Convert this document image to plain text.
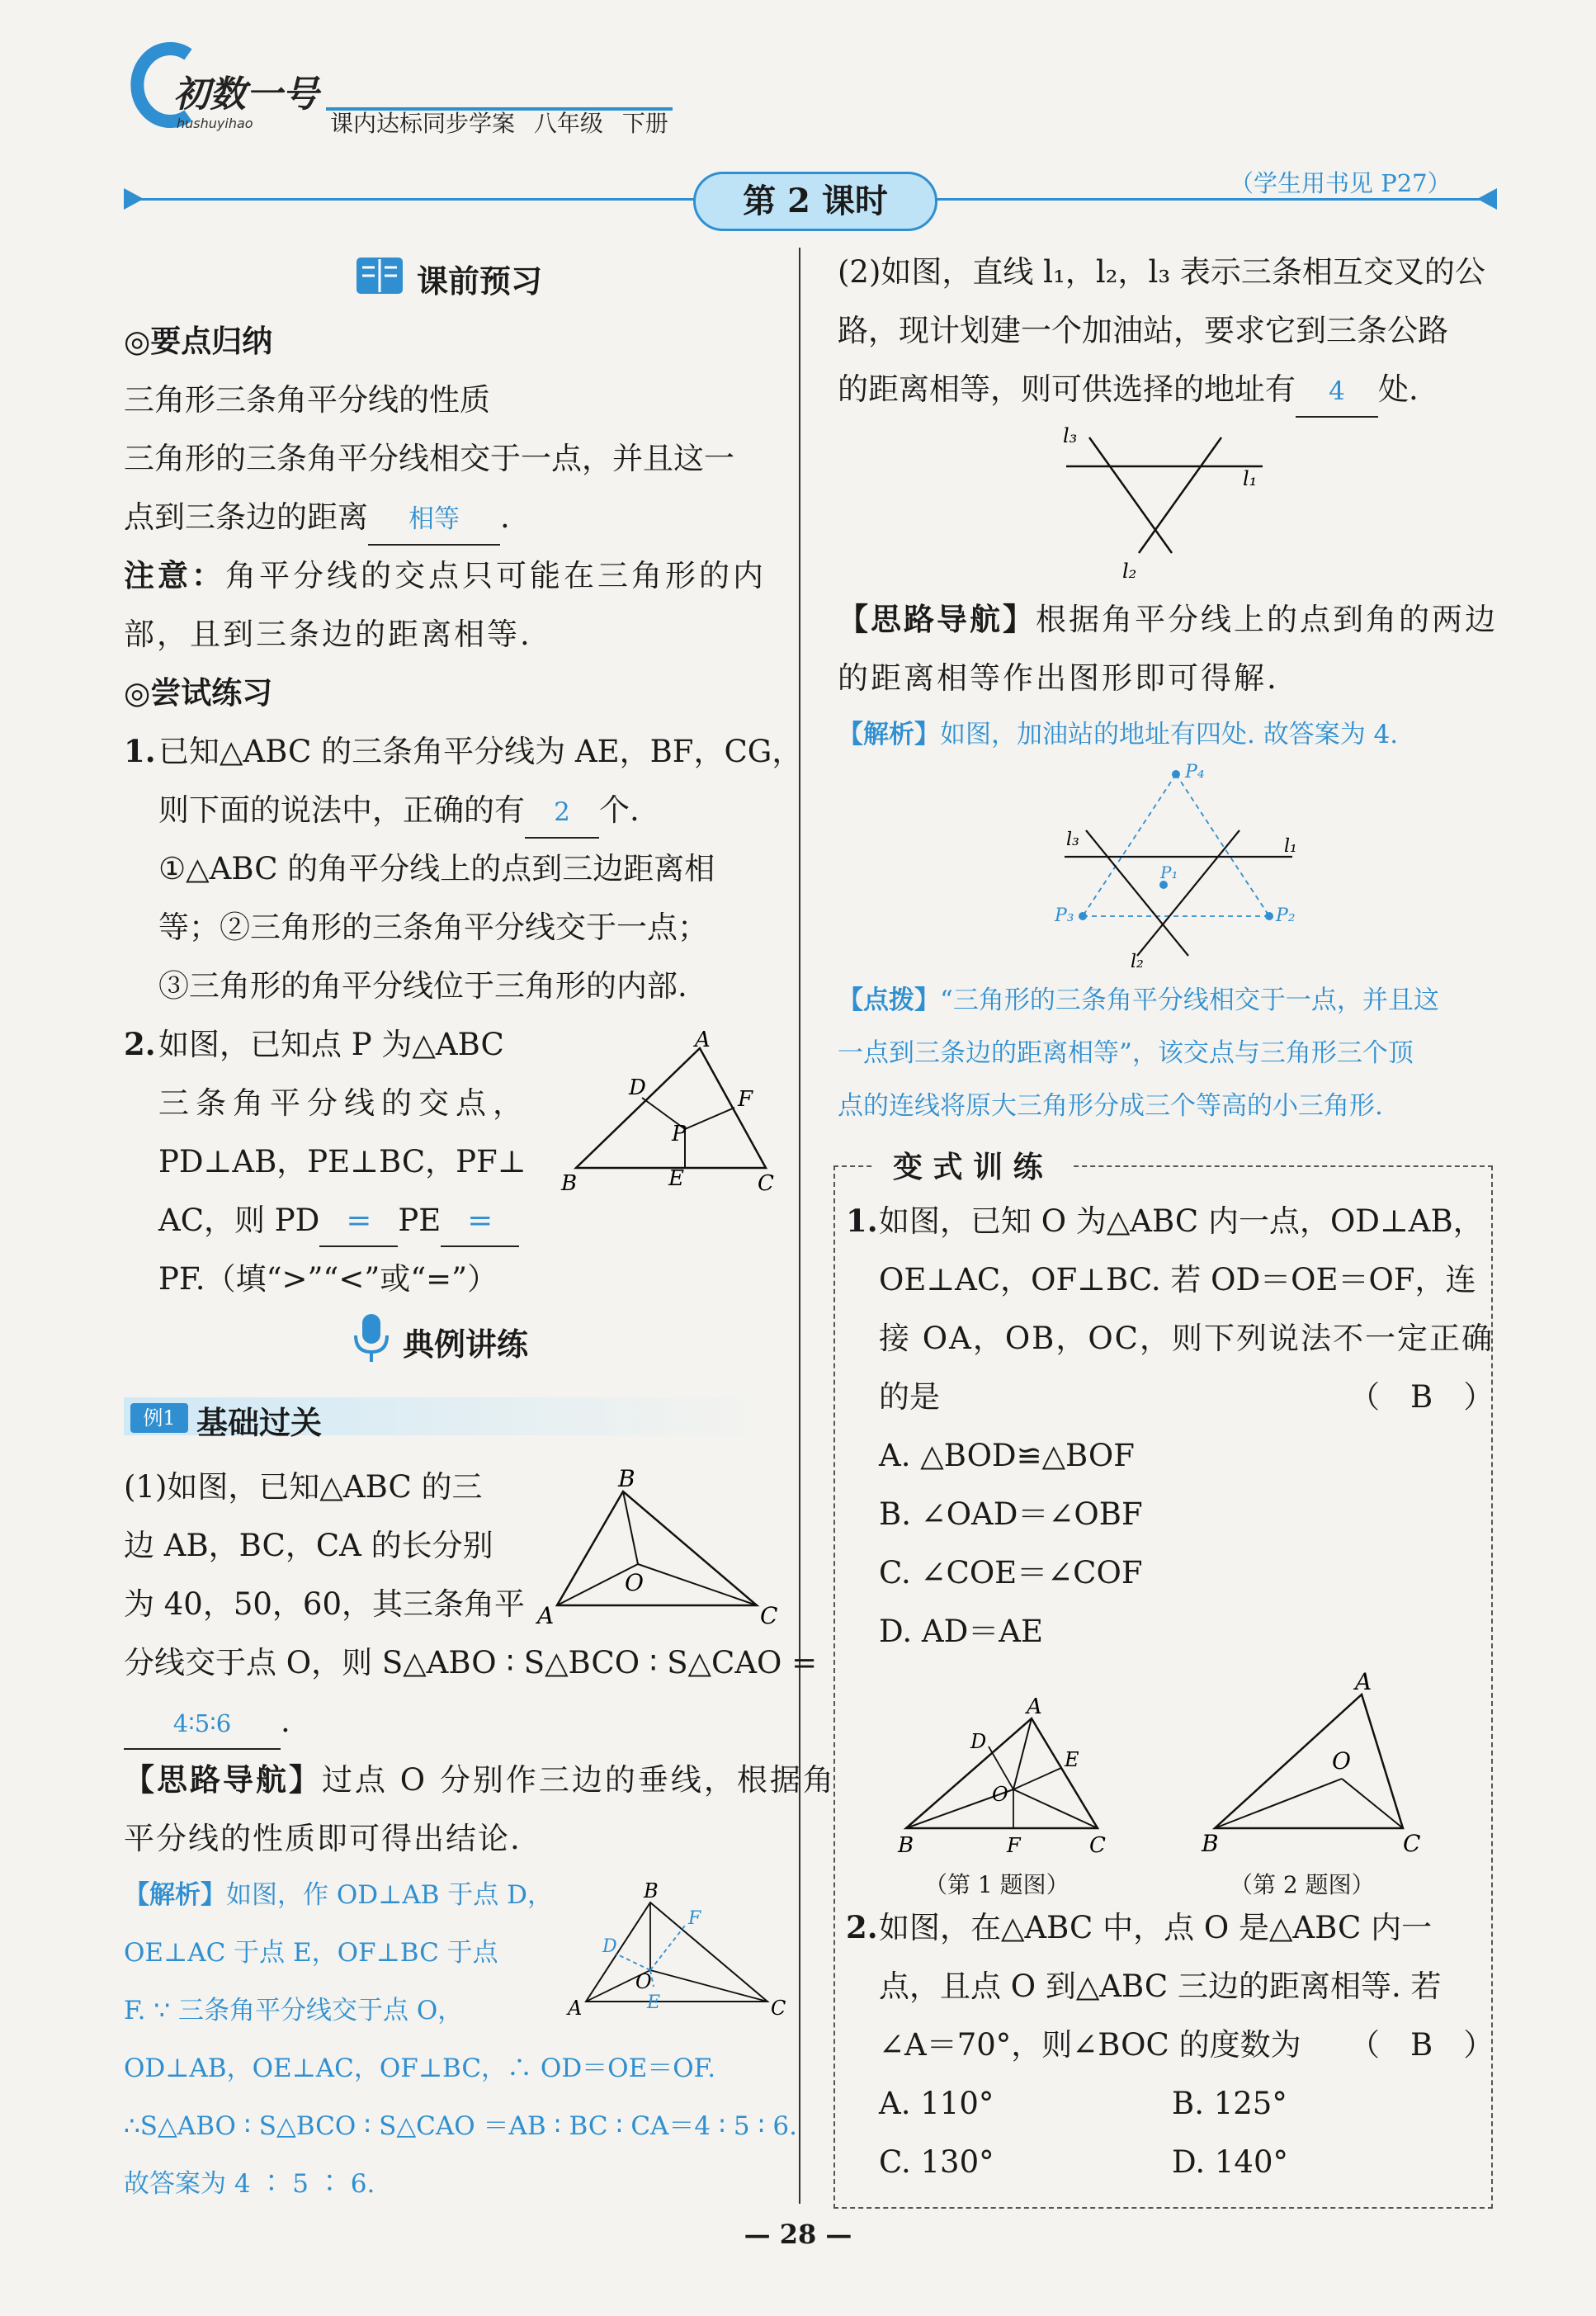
初数一号
hushuyihao	课内达标同步学案 八年级 下册
第 2 课时	（学生用书见 P27）
课前预习
◎要点归纳
三角形三条角平分线的性质
三角形的三条角平分线相交于一点，并且这一
点到三条边的距离 相等 .
注意：角平分线的交点只可能在三角形的内
部，且到三条边的距离相等.
◎尝试练习
1. 已知△ABC 的三条角平分线为 AE，BF，CG，
则下面的说法中，正确的有 2 个.
①△ABC 的角平分线上的点到三边距离相
等；②三角形的三条角平分线交于一点；
③三角形的角平分线位于三角形的内部.
2. 如图，已知点 P 为△ABC
三条角平分线的交点，
PD⊥AB，PE⊥BC，PF⊥
AC，则 PD = PE =
PF.（填“>”“<”或“=”）
A
B	C
D	F
E
P
典例讲练
例1 基础过关
(1)如图，已知△ABC 的三
边 AB，BC，CA 的长分别
为 40，50，60，其三条角平
分线交于点 O，则 S△ABO ∶ S△BCO ∶ S△CAO =
4∶5∶6 .
B
A	C
O
【思路导航】过点 O 分别作三边的垂线，根据角
平分线的性质即可得出结论.
【解析】如图，作 OD⊥AB 于点 D，
OE⊥AC 于点 E，OF⊥BC 于点
F. ∵ 三条角平分线交于点 O，
OD⊥AB，OE⊥AC，OF⊥BC，∴ OD＝OE＝OF.
∴S△ABO ∶ S△BCO ∶ S△CAO ＝AB ∶ BC ∶ CA＝4 ∶ 5 ∶ 6.
故答案为 4 ∶ 5 ∶ 6.
B
A	C
O
D
F
E
(2)如图，直线 l₁，l₂，l₃ 表示三条相互交叉的公
路，现计划建一个加油站，要求它到三条公路
的距离相等，则可供选择的地址有 4 处.
l₃
l₁
l₂
【思路导航】根据角平分线上的点到角的两边
的距离相等作出图形即可得解.
【解析】如图，加油站的地址有四处. 故答案为 4.
P₄
P₃	P₂
P₁
l₃	l₁
l₂
【点拨】“三角形的三条角平分线相交于一点，并且这
一点到三条边的距离相等”，该交点与三角形三个顶
点的连线将原大三角形分成三个等高的小三角形.
变 式 训 练
1. 如图，已知 O 为△ABC 内一点，OD⊥AB，
OE⊥AC，OF⊥BC. 若 OD＝OE＝OF，连
接 OA，OB，OC，则下列说法不一定正确
的是	（　B　）
A. △BOD≌△BOF
B. ∠OAD＝∠OBF
C. ∠COE＝∠COF
D. AD＝AE
A
B	C
D
E
F
O
（第 1 题图）
A
B	C
O
（第 2 题图）
2. 如图，在△ABC 中，点 O 是△ABC 内一
点，且点 O 到△ABC 三边的距离相等. 若
∠A＝70°，则∠BOC 的度数为 （　B　）
A. 110°	B. 125°
C. 130°	D. 140°
— 28 —
